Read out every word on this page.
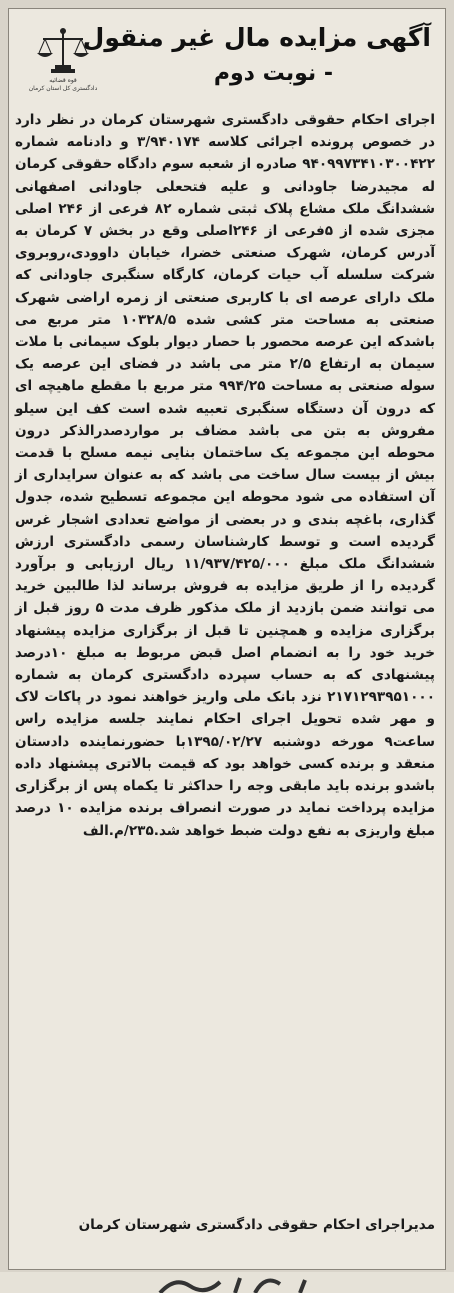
قوه قضائیه
دادگستری کل استان کرمان
آگهی مزایده مال غیر منقول
- نوبت دوم

اجرای احکام حقوقی دادگستری شهرستان کرمان در نظر دارد در خصوص پرونده اجرائی کلاسه ۳/۹۴۰۱۷۴ و دادنامه شماره ۹۴۰۹۹۷۳۴۱۰۳۰۰۴۲۲ صادره از شعبه سوم دادگاه حقوقی کرمان له مجیدرضا جاودانی و علیه فتحعلی جاودانی اصفهانی ششدانگ ملک مشاع پلاک ثبتی شماره ۸۲ فرعی از ۲۴۶ اصلی مجزی شده از ۵فرعی از ۲۴۶اصلی وقع در بخش ۷ کرمان به آدرس کرمان، شهرک صنعتی خضرا، خیابان داوودی،روبروی شرکت سلسله آب حیات کرمان، کارگاه سنگبری جاودانی که ملک دارای عرصه ای با کاربری صنعتی از زمره اراضی شهرک صنعتی به مساحت متر کشی شده ۱۰۳۲۸/۵ متر مربع می باشدکه این عرصه محصور با حصار دیوار بلوک سیمانی با ملات سیمان به ارتفاع ۲/۵ متر می باشد در فضای این عرصه یک سوله صنعتی به مساحت ۹۹۴/۲۵ متر مربع با مقطع ماهیچه ای که درون آن دستگاه سنگبری تعبیه شده است کف این سیلو مفروش به بتن می باشد مضاف بر مواردصدرالذکر درون محوطه این مجموعه یک ساختمان بنایی نیمه مسلح با قدمت بیش از بیست سال ساخت می باشد که به عنوان سرایداری از آن استفاده می شود محوطه این مجموعه تسطیح شده، جدول گذاری، باغچه بندی و در بعضی از مواضع تعدادی اشجار غرس گردیده است و توسط کارشناسان رسمی دادگستری ارزش ششدانگ ملک مبلغ ۱۱/۹۳۷/۴۲۵/۰۰۰ ریال ارزیابی و برآورد گردیده را از طریق مزایده به فروش برساند لذا طالبین خرید می توانند ضمن بازدید از ملک مذکور ظرف مدت ۵ روز قبل از برگزاری مزایده و همچنین تا قبل از برگزاری مزایده پیشنهاد خرید خود را به انضمام اصل قبض مربوط به مبلغ ۱۰درصد پیشنهادی که به حساب سپرده دادگستری کرمان به شماره ۲۱۷۱۲۹۳۹۵۱۰۰۰ نزد بانک ملی واریز خواهند نمود در پاکات لاک و مهر شده تحویل اجرای احکام نمایند جلسه مزایده راس ساعت۹ مورخه دوشنبه ۱۳۹۵/۰۲/۲۷با حضورنماینده دادستان منعقد و برنده کسی خواهد بود که قیمت بالاتری پیشنهاد داده باشدو برنده باید مابقی وجه را حداکثر تا یکماه پس از برگزاری مزایده پرداخت نماید در صورت انصراف برنده مزایده ۱۰ درصد مبلغ واریزی به نفع دولت ضبط خواهد شد.۲۳۵/م.الف

مدیراجرای احکام حقوقی دادگستری شهرستان کرمان
